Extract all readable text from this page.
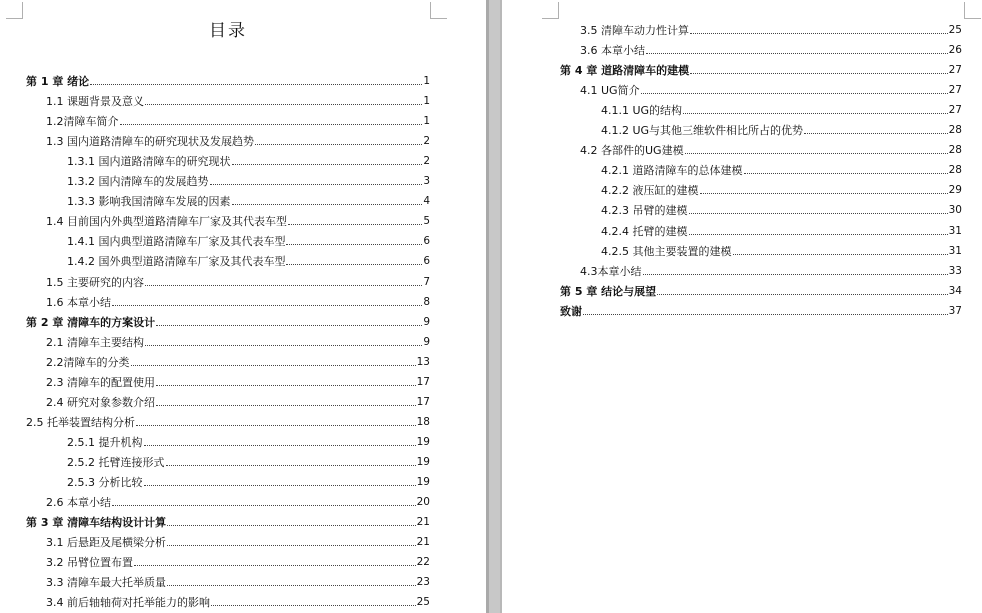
目录
第 1 章 绪论	1
1.1 课题背景及意义	1
1.2清障车简介	1
1.3 国内道路清障车的研究现状及发展趋势	2
1.3.1 国内道路清障车的研究现状	2
1.3.2 国内清障车的发展趋势	3
1.3.3 影响我国清障车发展的因素	4
1.4 目前国内外典型道路清障车厂家及其代表车型	5
1.4.1 国内典型道路清障车厂家及其代表车型	6
1.4.2 国外典型道路清障车厂家及其代表车型	6
1.5 主要研究的内容	7
1.6 本章小结	8
第 2 章 清障车的方案设计	9
2.1 清障车主要结构	9
2.2清障车的分类	13
2.3 清障车的配置使用	17
2.4 研究对象参数介绍	17
2.5 托举装置结构分析	18
2.5.1 提升机构	19
2.5.2 托臂连接形式	19
2.5.3 分析比较	19
2.6 本章小结	20
第 3 章 清障车结构设计计算	21
3.1 后悬距及尾横梁分析	21
3.2 吊臂位置布置	22
3.3 清障车最大托举质量	23
3.4 前后轴轴荷对托举能力的影响	25
3.5 清障车动力性计算	25
3.6 本章小结	26
第 4 章 道路清障车的建模	27
4.1 UG简介	27
4.1.1 UG的结构	27
4.1.2 UG与其他三维软件相比所占的优势	28
4.2 各部件的UG建模	28
4.2.1 道路清障车的总体建模	28
4.2.2 液压缸的建模	29
4.2.3 吊臂的建模	30
4.2.4 托臂的建模	31
4.2.5 其他主要装置的建模	31
4.3本章小结	33
第 5 章 结论与展望	34
致谢	37
